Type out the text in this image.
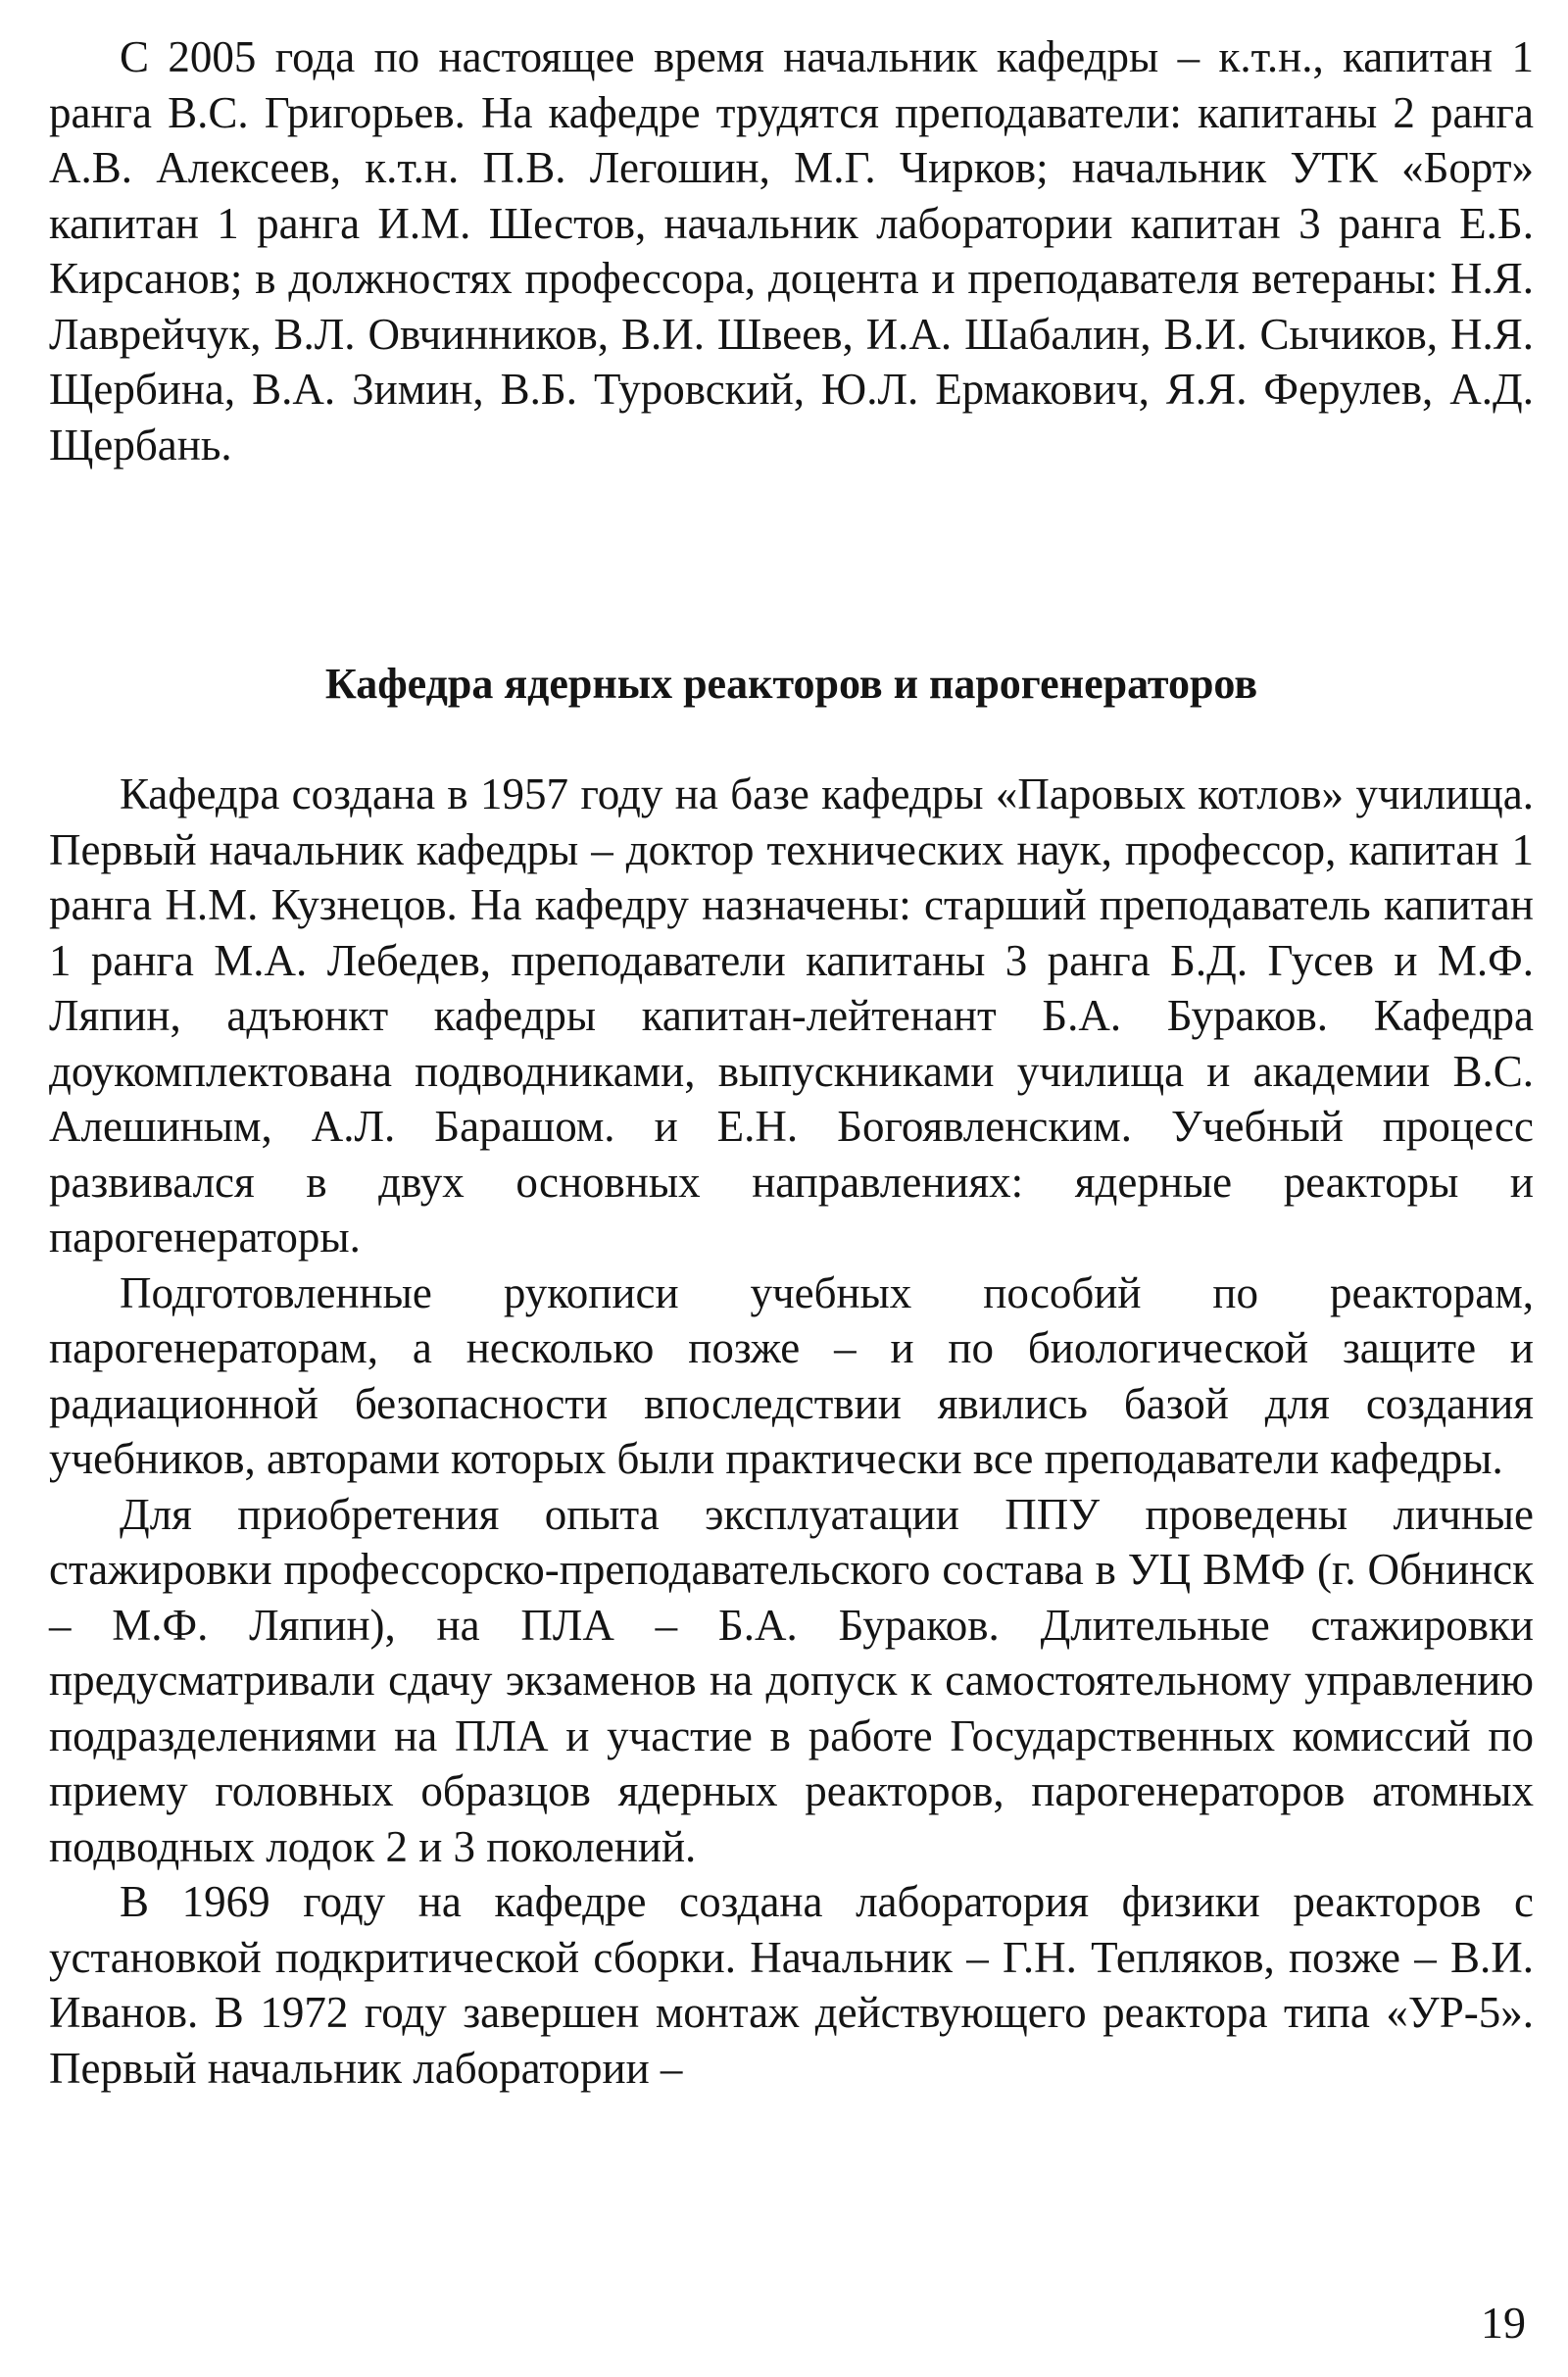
С 2005 года по настоящее время начальник кафедры – к.т.н., капитан 1 ранга В.С. Григорьев. На кафедре трудятся преподаватели: капитаны 2 ранга А.В. Алексеев, к.т.н. П.В. Легошин, М.Г. Чирков; начальник УТК «Борт» капитан 1 ранга И.М. Шестов, начальник лаборатории капитан 3 ранга Е.Б. Кирсанов; в должностях профессора, доцента и преподавателя ветераны: Н.Я. Лаврейчук, В.Л. Овчинников, В.И. Швеев, И.А. Шабалин, В.И. Сычиков, Н.Я. Щербина, В.А. Зимин, В.Б. Туровский, Ю.Л. Ермакович, Я.Я. Ферулев, А.Д. Щербань.

Кафедра ядерных реакторов и парогенераторов

Кафедра создана в 1957 году на базе кафедры «Паровых котлов» училища. Первый начальник кафедры – доктор технических наук, профессор, капитан 1 ранга Н.М. Кузнецов. На кафедру назначены: старший преподаватель капитан 1 ранга М.А. Лебедев, преподаватели капитаны 3 ранга Б.Д. Гусев и М.Ф. Ляпин, адъюнкт кафедры капитан-лейтенант Б.А. Бураков. Кафедра доукомплектована подводниками, выпускниками училища и академии В.С. Алешиным, А.Л. Барашом. и Е.Н. Богоявленским. Учебный процесс развивался в двух основных направлениях: ядерные реакторы и парогенераторы.

Подготовленные рукописи учебных пособий по реакторам, парогенераторам, а несколько позже – и по биологической защите и радиационной безопасности впоследствии явились базой для создания учебников, авторами которых были практически все преподаватели кафедры.

Для приобретения опыта эксплуатации ППУ проведены личные стажировки профессорско-преподавательского состава в УЦ ВМФ (г. Обнинск – М.Ф. Ляпин), на ПЛА – Б.А. Бураков. Длительные стажировки предусматривали сдачу экзаменов на допуск к самостоятельному управлению подразделениями на ПЛА и участие в работе Государственных комиссий по приему головных образцов ядерных реакторов, парогенераторов атомных подводных лодок 2 и 3 поколений.

В 1969 году на кафедре создана лаборатория физики реакторов с установкой подкритической сборки. Начальник – Г.Н. Тепляков, позже – В.И. Иванов. В 1972 году завершен монтаж действующего реактора типа «УР-5». Первый начальник лаборатории –

19
